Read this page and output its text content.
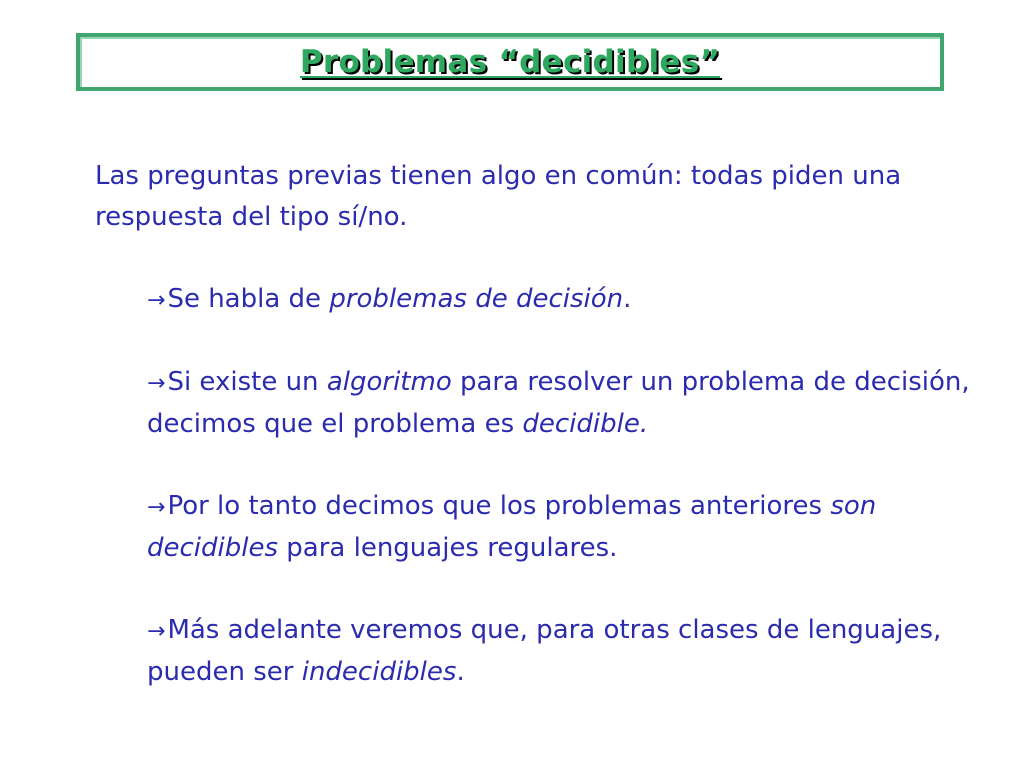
Problemas “decidibles”

Las preguntas previas tienen algo en común: todas piden una respuesta del tipo sí/no.

→Se habla de problemas de decisión.

→Si existe un algoritmo para resolver un problema de decisión, decimos que el problema es decidible.

→Por lo tanto decimos que los problemas anteriores son decidibles para lenguajes regulares.

→Más adelante veremos que, para otras clases de lenguajes, pueden ser indecidibles.
